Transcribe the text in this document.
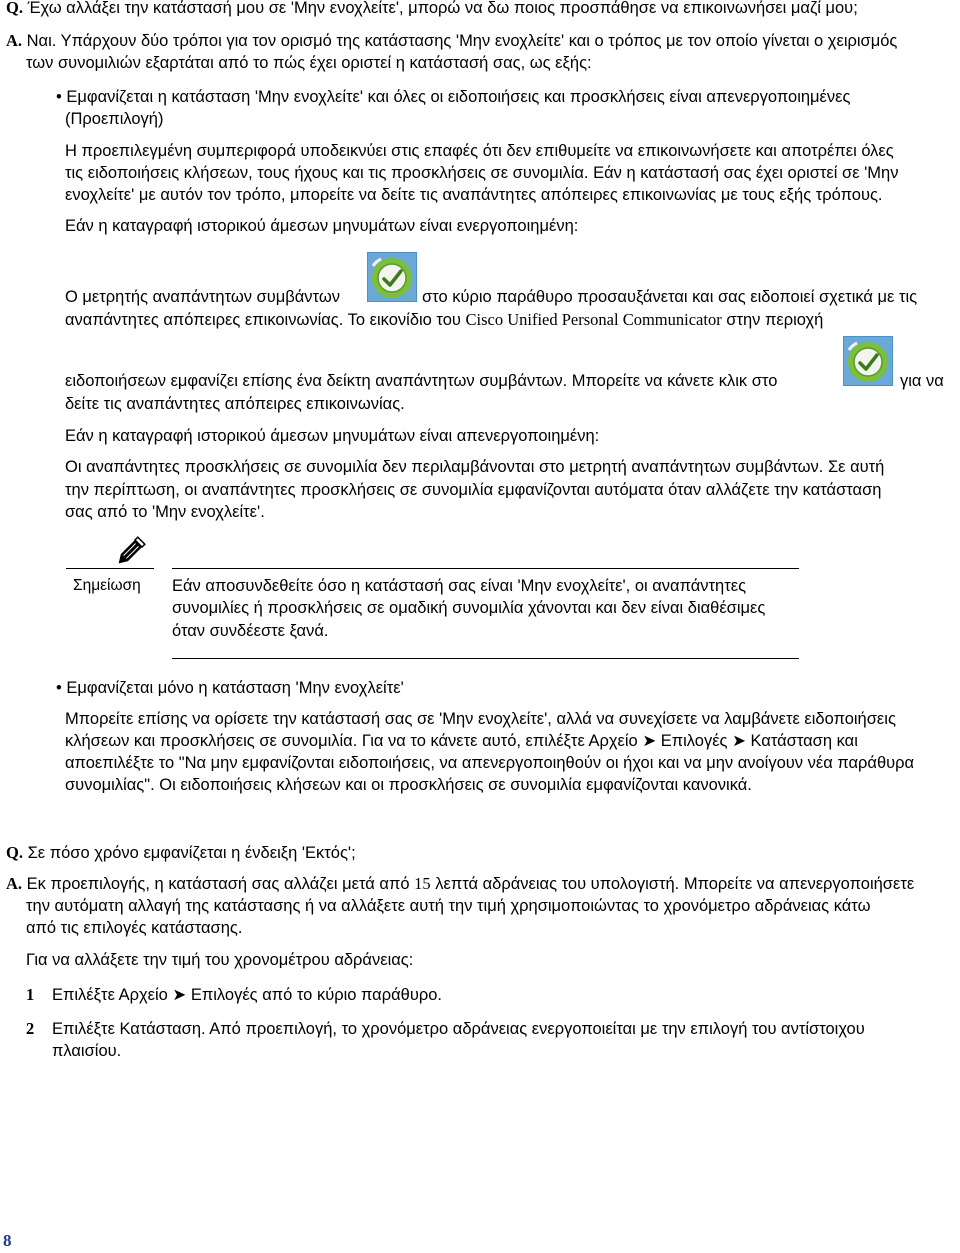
Q. Έχω αλλάξει την κατάστασή μου σε 'Μην ενοχλείτε', μπορώ να δω ποιος προσπάθησε να επικοινωνήσει μαζί μου;
A. Ναι. Υπάρχουν δύο τρόποι για τον ορισμό της κατάστασης 'Μην ενοχλείτε' και ο τρόπος με τον οποίο γίνεται ο χειρισμός
των συνομιλιών εξαρτάται από το πώς έχει οριστεί η κατάστασή σας, ως εξής:
• Εμφανίζεται η κατάσταση 'Μην ενοχλείτε' και όλες οι ειδοποιήσεις και προσκλήσεις είναι απενεργοποιημένες
(Προεπιλογή)
Η προεπιλεγμένη συμπεριφορά υποδεικνύει στις επαφές ότι δεν επιθυμείτε να επικοινωνήσετε και αποτρέπει όλες
τις ειδοποιήσεις κλήσεων, τους ήχους και τις προσκλήσεις σε συνομιλία. Εάν η κατάστασή σας έχει οριστεί σε 'Μην
ενοχλείτε' με αυτόν τον τρόπο, μπορείτε να δείτε τις αναπάντητες απόπειρες επικοινωνίας με τους εξής τρόπους.
Εάν η καταγραφή ιστορικού άμεσων μηνυμάτων είναι ενεργοποιημένη:
Ο μετρητής αναπάντητων συμβάντων	στο κύριο παράθυρο προσαυξάνεται και σας ειδοποιεί σχετικά με τις
αναπάντητες απόπειρες επικοινωνίας. Το εικονίδιο του Cisco Unified Personal Communicator στην περιοχή
ειδοποιήσεων εμφανίζει επίσης ένα δείκτη αναπάντητων συμβάντων. Μπορείτε να κάνετε κλικ στο	για να
δείτε τις αναπάντητες απόπειρες επικοινωνίας.
Εάν η καταγραφή ιστορικού άμεσων μηνυμάτων είναι απενεργοποιημένη:
Οι αναπάντητες προσκλήσεις σε συνομιλία δεν περιλαμβάνονται στο μετρητή αναπάντητων συμβάντων. Σε αυτή
την περίπτωση, οι αναπάντητες προσκλήσεις σε συνομιλία εμφανίζονται αυτόματα όταν αλλάζετε την κατάσταση
σας από το 'Μην ενοχλείτε'.
Σημείωση Εάν αποσυνδεθείτε όσο η κατάστασή σας είναι 'Μην ενοχλείτε', οι αναπάντητες
συνομιλίες ή προσκλήσεις σε ομαδική συνομιλία χάνονται και δεν είναι διαθέσιμες
όταν συνδέεστε ξανά.
• Εμφανίζεται μόνο η κατάσταση 'Μην ενοχλείτε'
Μπορείτε επίσης να ορίσετε την κατάστασή σας σε 'Μην ενοχλείτε', αλλά να συνεχίσετε να λαμβάνετε ειδοποιήσεις
κλήσεων και προσκλήσεις σε συνομιλία. Για να το κάνετε αυτό, επιλέξτε Αρχείο ➤ Επιλογές ➤ Κατάσταση και
αποεπιλέξτε το "Να μην εμφανίζονται ειδοποιήσεις, να απενεργοποιηθούν οι ήχοι και να μην ανοίγουν νέα παράθυρα
συνομιλίας". Οι ειδοποιήσεις κλήσεων και οι προσκλήσεις σε συνομιλία εμφανίζονται κανονικά.
Q. Σε πόσο χρόνο εμφανίζεται η ένδειξη 'Εκτός';
A. Εκ προεπιλογής, η κατάστασή σας αλλάζει μετά από 15 λεπτά αδράνειας του υπολογιστή. Μπορείτε να απενεργοποιήσετε
την αυτόματη αλλαγή της κατάστασης ή να αλλάξετε αυτή την τιμή χρησιμοποιώντας το χρονόμετρο αδράνειας κάτω
από τις επιλογές κατάστασης.
Για να αλλάξετε την τιμή του χρονομέτρου αδράνειας:
1 Επιλέξτε Αρχείο ➤ Επιλογές από το κύριο παράθυρο.
2 Επιλέξτε Κατάσταση. Από προεπιλογή, το χρονόμετρο αδράνειας ενεργοποιείται με την επιλογή του αντίστοιχου
πλαισίου.
8
